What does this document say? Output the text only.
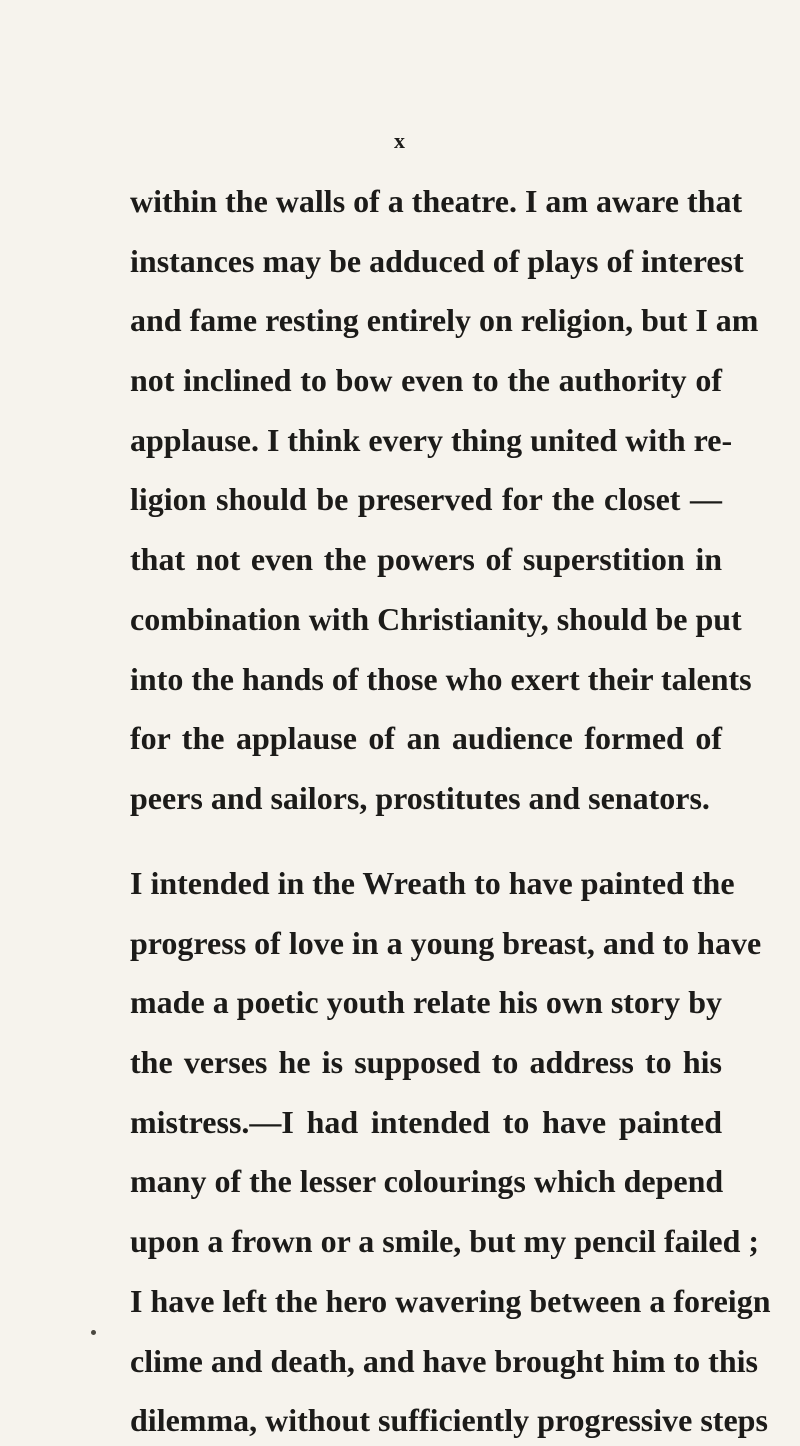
x
within the walls of a theatre. I am aware that
instances may be adduced of plays of interest
and fame resting entirely on religion, but I am
not inclined to bow even to the authority of
applause. I think every thing united with re-
ligion should be preserved for the closet —
that not even the powers of superstition in
combination with Christianity, should be put
into the hands of those who exert their talents
for the applause of an audience formed of
peers and sailors, prostitutes and senators.
I intended in the Wreath to have painted the
progress of love in a young breast, and to have
made a poetic youth relate his own story by
the verses he is supposed to address to his
mistress.—I had intended to have painted
many of the lesser colourings which depend
upon a frown or a smile, but my pencil failed ;
I have left the hero wavering between a foreign
clime and death, and have brought him to this
dilemma, without sufficiently progressive steps
